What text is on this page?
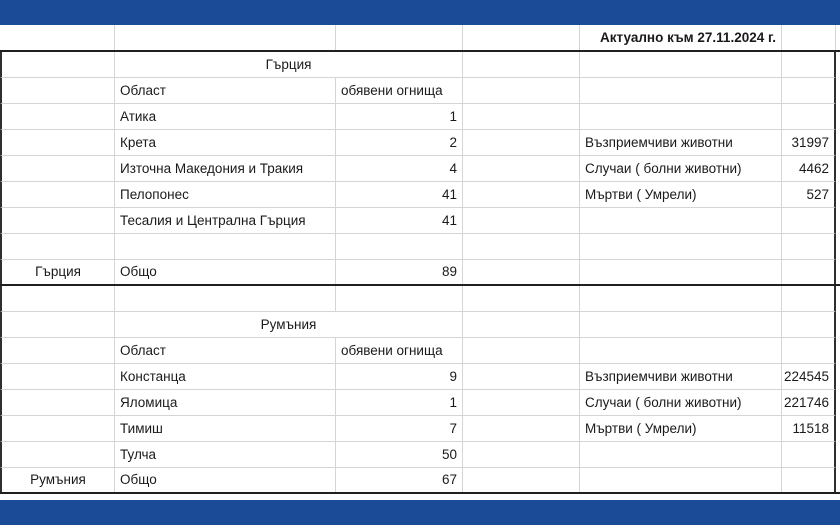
Актуално към 27.11.2024 г.
Гърция
Област	обявени огнища
Атика	1
Крета	2	Възприемчиви животни	31997
Източна Македония и Тракия	4	Случаи ( болни животни)	4462
Пелопонес	41	Мъртви ( Умрели)	527
Тесалия и Централна Гърция	41
Гърция	Общо	89
Румъния
Област	обявени огнища
Констанца	9	Възприемчиви животни	224545
Яломица	1	Случаи ( болни животни)	221746
Тимиш	7	Мъртви ( Умрели)	11518
Тулча	50
Румъния	Общо	67
